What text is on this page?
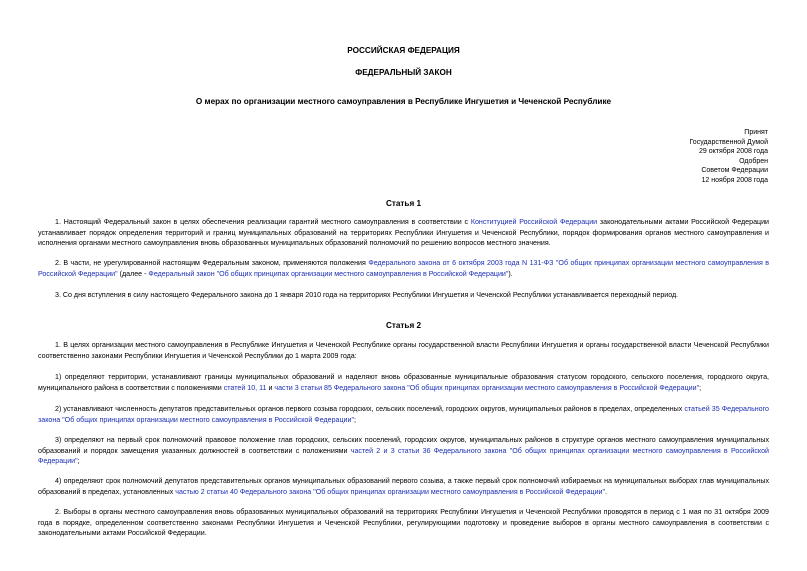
РОССИЙСКАЯ ФЕДЕРАЦИЯ
ФЕДЕРАЛЬНЫЙ ЗАКОН
О мерах по организации местного самоуправления в Республике Ингушетия и Чеченской Республике
Принят
Государственной Думой
29 октября 2008 года
Одобрен
Советом Федерации
12 ноября 2008 года
Статья 1
1. Настоящий Федеральный закон в целях обеспечения реализации гарантий местного самоуправления в соответствии с Конституцией Российской Федерации законодательными актами Российской Федерации устанавливает порядок определения территорий и границ муниципальных образований на территориях Республики Ингушетия и Чеченской Республики, порядок формирования органов местного самоуправления и исполнения органами местного самоуправления вновь образованных муниципальных образований полномочий по решению вопросов местного значения.
2. В части, не урегулированной настоящим Федеральным законом, применяются положения Федерального закона от 6 октября 2003 года N 131-ФЗ "Об общих принципах организации местного самоуправления в Российской Федерации" (далее - Федеральный закон "Об общих принципах организации местного самоуправления в Российской Федерации").
3. Со дня вступления в силу настоящего Федерального закона до 1 января 2010 года на территориях Республики Ингушетия и Чеченской Республики устанавливается переходный период.
Статья 2
1. В целях организации местного самоуправления в Республике Ингушетия и Чеченской Республике органы государственной власти Республики Ингушетия и органы государственной власти Чеченской Республики соответственно законами Республики Ингушетия и Чеченской Республики до 1 марта 2009 года:
1) определяют территории, устанавливают границы муниципальных образований и наделяют вновь образованные муниципальные образования статусом городского, сельского поселения, городского округа, муниципального района в соответствии с положениями статей 10, 11 и части 3 статьи 85 Федерального закона "Об общих принципах организации местного самоуправления в Российской Федерации";
2) устанавливают численность депутатов представительных органов первого созыва городских, сельских поселений, городских округов, муниципальных районов в пределах, определенных статьей 35 Федерального закона "Об общих принципах организации местного самоуправления в Российской Федерации";
3) определяют на первый срок полномочий правовое положение глав городских, сельских поселений, городских округов, муниципальных районов в структуре органов местного самоуправления муниципальных образований и порядок замещения указанных должностей в соответствии с положениями частей 2 и 3 статьи 36 Федерального закона "Об общих принципах организации местного самоуправления в Российской Федерации";
4) определяют срок полномочий депутатов представительных органов муниципальных образований первого созыва, а также первый срок полномочий избираемых на муниципальных выборах глав муниципальных образований в пределах, установленных частью 2 статьи 40 Федерального закона "Об общих принципах организации местного самоуправления в Российской Федерации".
2. Выборы в органы местного самоуправления вновь образованных муниципальных образований на территориях Республики Ингушетия и Чеченской Республики проводятся в период с 1 мая по 31 октября 2009 года в порядке, определенном соответственно законами Республики Ингушетия и Чеченской Республики, регулирующими подготовку и проведение выборов в органы местного самоуправления в соответствии с законодательными актами Российской Федерации.
